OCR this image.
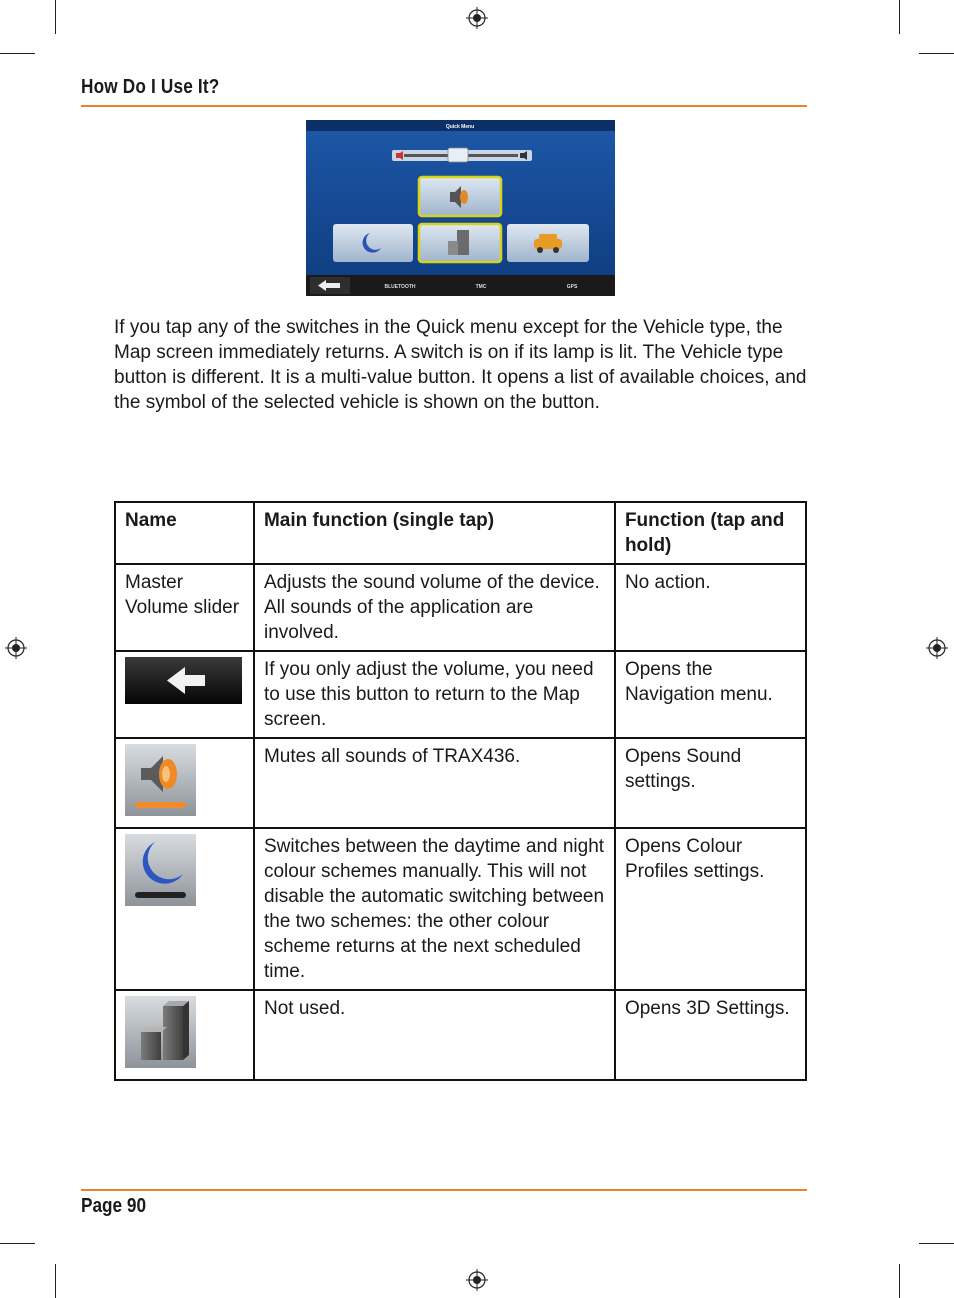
How Do I Use It?
Quick Menu
BLUETOOTH	TMC	GPS
If you tap any of the switches in the Quick menu except for the Vehicle type, the Map screen immediately returns. A switch is on if its lamp is lit. The Vehicle type button is different. It is a multi-value button. It opens a list of available choices, and the symbol of the selected vehicle is shown on the button.
Name	Main function (single tap)	Function (tap and hold)
Master Volume slider	Adjusts the sound volume of the device. All sounds of the application are involved.	No action.

	If you only adjust the volume, you need to use this button to return to the Map screen.	Opens the Navigation menu.

	Mutes all sounds of TRAX436.	Opens Sound settings.

	Switches between the daytime and night colour schemes manually. This will not disable the automatic switching between the two schemes: the other colour scheme returns at the next scheduled time.	Opens Colour Profiles settings.

	Not used.	Opens 3D Settings.
Page 90
